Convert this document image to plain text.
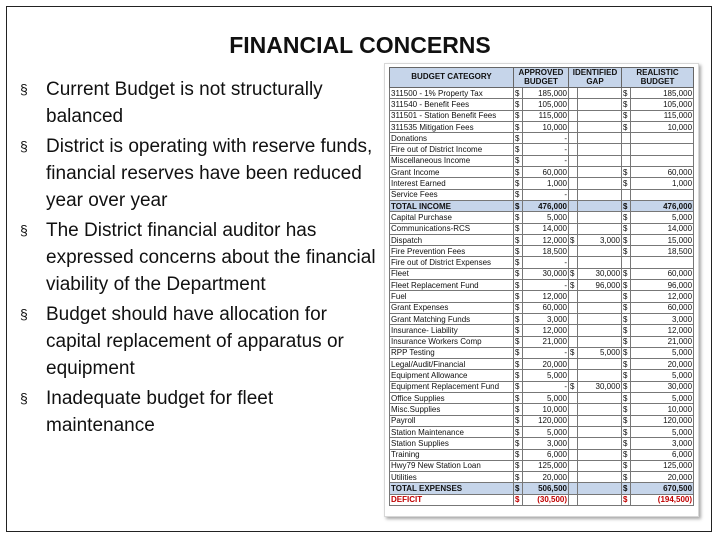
FINANCIAL CONCERNS
§ Current Budget is not structurally balanced
§ District is operating with reserve funds, financial reserves have been reduced year over year
§ The District financial auditor has expressed concerns about the financial viability of the Department
§ Budget should have allocation for capital replacement of apparatus or equipment
§ Inadequate budget for fleet maintenance
BUDGET CATEGORY	APPROVED BUDGET		IDENTIFIED GAP		REALISTIC BUDGET	
311500 - 1% Property Tax	$	185,000			$	185,000
311540 - Benefit Fees	$	105,000			$	105,000
311501 - Station Benefit Fees	$	115,000			$	115,000
311535 Mitigation Fees	$	10,000			$	10,000
Donations	$	-				
Fire out of District Income	$	-				
Miscellaneous Income	$	-				
Grant Income	$	60,000			$	60,000
Interest Earned	$	1,000			$	1,000
Service Fees	$	-				
TOTAL INCOME	$	476,000			$	476,000
Capital Purchase	$	5,000			$	5,000
Communications-RCS	$	14,000			$	14,000
Dispatch	$	12,000	$	3,000	$	15,000
Fire Prevention Fees	$	18,500			$	18,500
Fire out of District Expenses	$	-				
Fleet	$	30,000	$	30,000	$	60,000
Fleet Replacement Fund	$	-	$	96,000	$	96,000
Fuel	$	12,000			$	12,000
Grant Expenses	$	60,000			$	60,000
Grant Matching Funds	$	3,000			$	3,000
Insurance- Liability	$	12,000			$	12,000
Insurance Workers Comp	$	21,000			$	21,000
RPP Testing	$	-	$	5,000	$	5,000
Legal/Audit/Financial	$	20,000			$	20,000
Equipment Allowance	$	5,000			$	5,000
Equipment Replacement Fund	$	-	$	30,000	$	30,000
Office Supplies	$	5,000			$	5,000
Misc.Supplies	$	10,000			$	10,000
Payroll	$	120,000			$	120,000
Station Maintenance	$	5,000			$	5,000
Station Supplies	$	3,000			$	3,000
Training	$	6,000			$	6,000
Hwy79 New Station Loan	$	125,000			$	125,000
Utilities	$	20,000			$	20,000
TOTAL EXPENSES	$	506,500			$	670,500
DEFICIT	$	(30,500)			$	(194,500)
